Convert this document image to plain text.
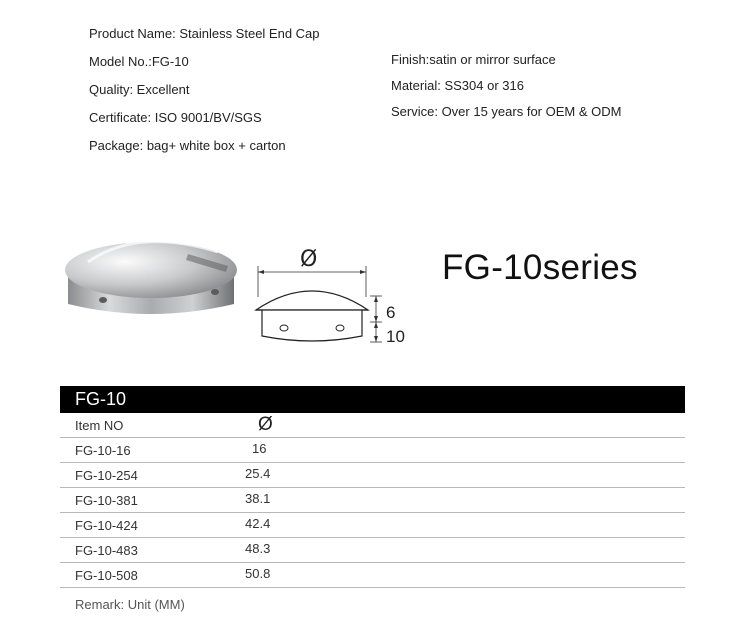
Product Name: Stainless Steel End Cap
Model No.:FG-10
Quality: Excellent
Certificate: ISO 9001/BV/SGS
Package: bag+ white box + carton
Finish:satin or mirror surface
Material: SS304 or 316
Service: Over 15 years for OEM & ODM
Ø
6
10
FG-10series
FG-10
Item NO	Ø
FG-10-16	16
FG-10-254	25.4
FG-10-381	38.1
FG-10-424	42.4
FG-10-483	48.3
FG-10-508	50.8
Remark: Unit (MM)
